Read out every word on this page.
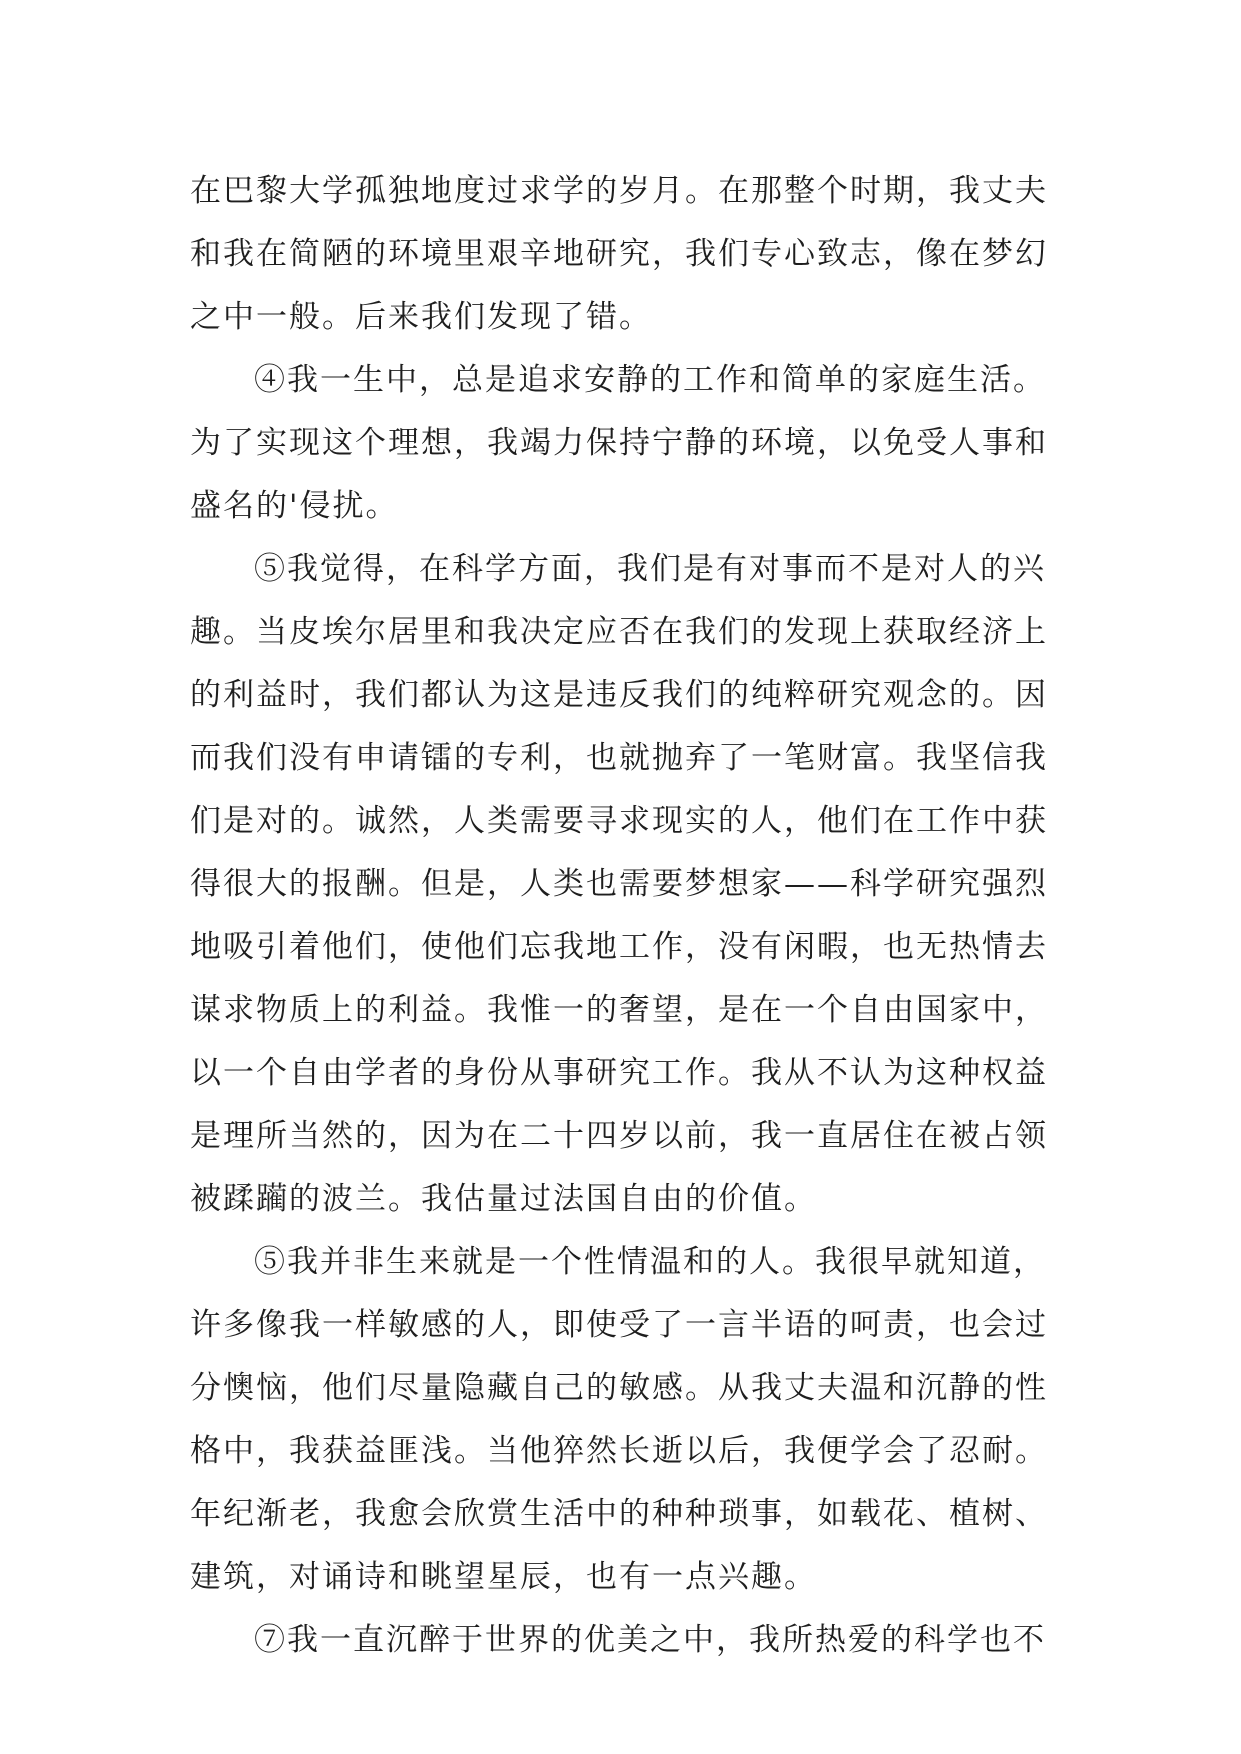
在巴黎大学孤独地度过求学的岁月。在那整个时期，我丈夫
和我在简陋的环境里艰辛地研究，我们专心致志，像在梦幻
之中一般。后来我们发现了错。
④我一生中，总是追求安静的工作和简单的家庭生活。
为了实现这个理想，我竭力保持宁静的环境，以免受人事和
盛名的'侵扰。
⑤我觉得，在科学方面，我们是有对事而不是对人的兴
趣。当皮埃尔居里和我决定应否在我们的发现上获取经济上
的利益时，我们都认为这是违反我们的纯粹研究观念的。因
而我们没有申请镭的专利，也就抛弃了一笔财富。我坚信我
们是对的。诚然，人类需要寻求现实的人，他们在工作中获
得很大的报酬。但是，人类也需要梦想家——科学研究强烈
地吸引着他们，使他们忘我地工作，没有闲暇，也无热情去
谋求物质上的利益。我惟一的奢望，是在一个自由国家中，
以一个自由学者的身份从事研究工作。我从不认为这种权益
是理所当然的，因为在二十四岁以前，我一直居住在被占领
被蹂躏的波兰。我估量过法国自由的价值。
⑤我并非生来就是一个性情温和的人。我很早就知道，
许多像我一样敏感的人，即使受了一言半语的呵责，也会过
分懊恼，他们尽量隐藏自己的敏感。从我丈夫温和沉静的性
格中，我获益匪浅。当他猝然长逝以后，我便学会了忍耐。
年纪渐老，我愈会欣赏生活中的种种琐事，如载花、植树、
建筑，对诵诗和眺望星辰，也有一点兴趣。
⑦我一直沉醉于世界的优美之中，我所热爱的科学也不
